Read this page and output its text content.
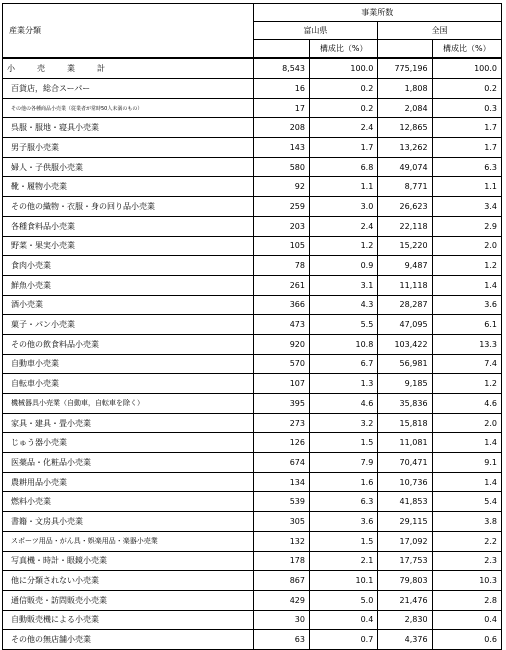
産業分類	事業所数			
	富山県		全国	
		構成比（%）		構成比（%）
小売業計	8,543	100.0	775,196	100.0
百貨店，総合スーパー	16	0.2	1,808	0.2
その他の各種商品小売業（従業者が常時50人未満のもの）	17	0.2	2,084	0.3
呉服・服地・寝具小売業	208	2.4	12,865	1.7
男子服小売業	143	1.7	13,262	1.7
婦人・子供服小売業	580	6.8	49,074	6.3
靴・履物小売業	92	1.1	8,771	1.1
その他の織物・衣服・身の回り品小売業	259	3.0	26,623	3.4
各種食料品小売業	203	2.4	22,118	2.9
野菜・果実小売業	105	1.2	15,220	2.0
食肉小売業	78	0.9	9,487	1.2
鮮魚小売業	261	3.1	11,118	1.4
酒小売業	366	4.3	28,287	3.6
菓子・パン小売業	473	5.5	47,095	6.1
その他の飲食料品小売業	920	10.8	103,422	13.3
自動車小売業	570	6.7	56,981	7.4
自転車小売業	107	1.3	9,185	1.2
機械器具小売業（自動車，自転車を除く）	395	4.6	35,836	4.6
家具・建具・畳小売業	273	3.2	15,818	2.0
じゅう器小売業	126	1.5	11,081	1.4
医薬品・化粧品小売業	674	7.9	70,471	9.1
農耕用品小売業	134	1.6	10,736	1.4
燃料小売業	539	6.3	41,853	5.4
書籍・文房具小売業	305	3.6	29,115	3.8
スポーツ用品・がん具・娯楽用品・楽器小売業	132	1.5	17,092	2.2
写真機・時計・眼鏡小売業	178	2.1	17,753	2.3
他に分類されない小売業	867	10.1	79,803	10.3
通信販売・訪問販売小売業	429	5.0	21,476	2.8
自動販売機による小売業	30	0.4	2,830	0.4
その他の無店舗小売業	63	0.7	4,376	0.6
